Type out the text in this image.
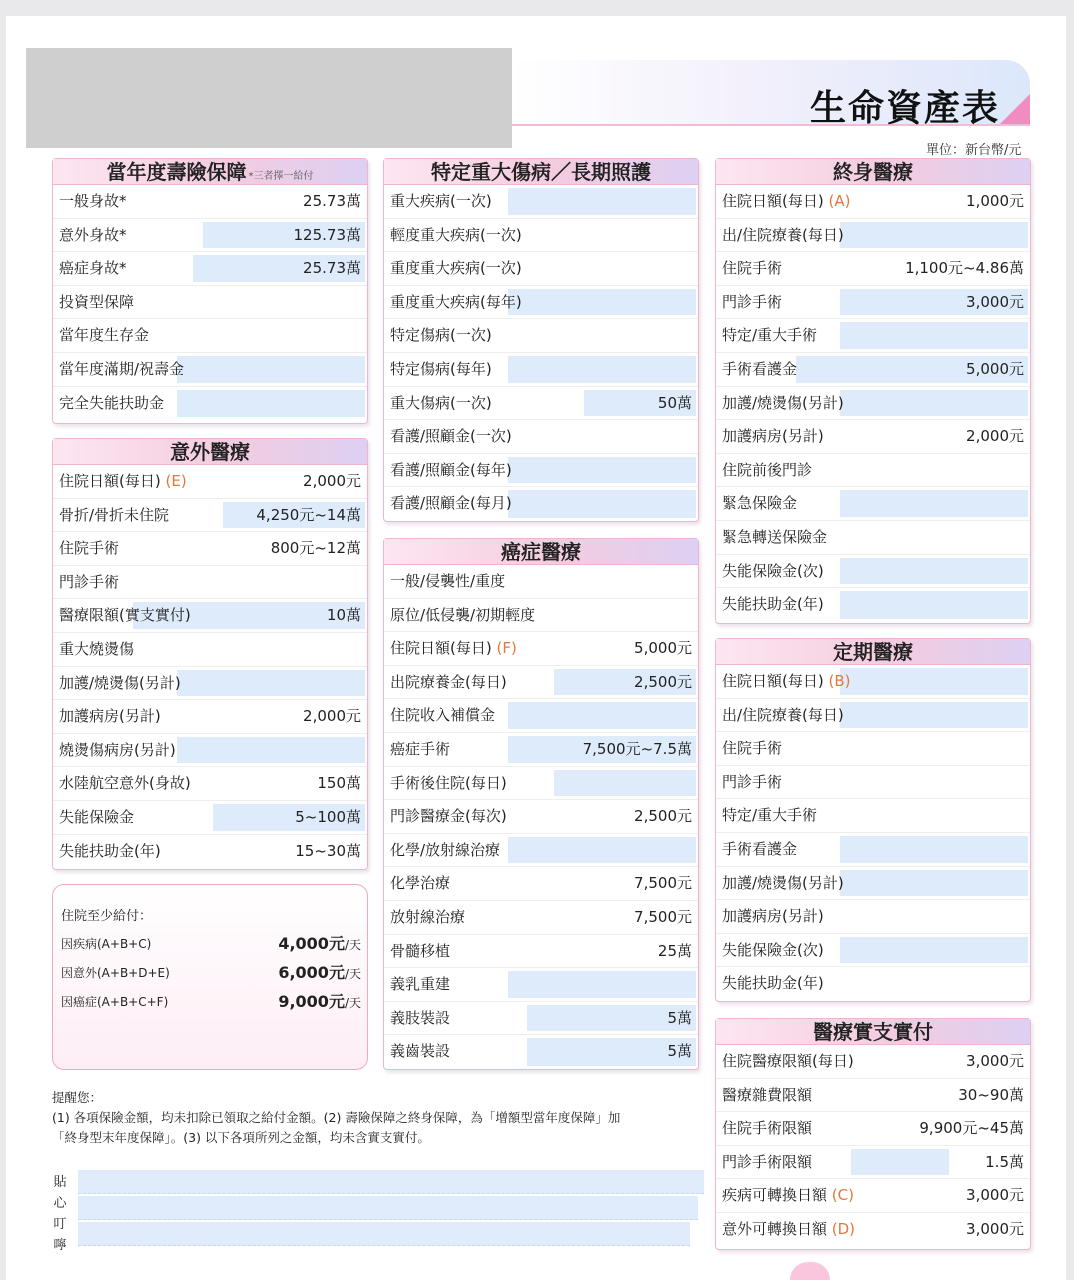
生命資產表
單位：新台幣/元
當年度壽險保障 *三者擇一給付
一般身故*	25.73萬
意外身故*	125.73萬
癌症身故*	25.73萬
投資型保障
當年度生存金
當年度滿期/祝壽金
完全失能扶助金
意外醫療
住院日額(每日) (E)	2,000元
骨折/骨折未住院	4,250元~14萬
住院手術	800元~12萬
門診手術
醫療限額(實支實付)	10萬
重大燒燙傷
加護/燒燙傷(另計)
加護病房(另計)	2,000元
燒燙傷病房(另計)
水陸航空意外(身故)	150萬
失能保險金	5~100萬
失能扶助金(年)	15~30萬
住院至少給付：
因疾病(A+B+C)	4,000元/天
因意外(A+B+D+E)	6,000元/天
因癌症(A+B+C+F)	9,000元/天
特定重大傷病／長期照護
重大疾病(一次)
輕度重大疾病(一次)
重度重大疾病(一次)
重度重大疾病(每年)
特定傷病(一次)
特定傷病(每年)
重大傷病(一次)	50萬
看護/照顧金(一次)
看護/照顧金(每年)
看護/照顧金(每月)
癌症醫療
一般/侵襲性/重度
原位/低侵襲/初期輕度
住院日額(每日) (F)	5,000元
出院療養金(每日)	2,500元
住院收入補償金
癌症手術	7,500元~7.5萬
手術後住院(每日)
門診醫療金(每次)	2,500元
化學/放射線治療
化學治療	7,500元
放射線治療	7,500元
骨髓移植	25萬
義乳重建
義肢裝設	5萬
義齒裝設	5萬
終身醫療
住院日額(每日) (A)	1,000元
出/住院療養(每日)
住院手術	1,100元~4.86萬
門診手術	3,000元
特定/重大手術
手術看護金	5,000元
加護/燒燙傷(另計)
加護病房(另計)	2,000元
住院前後門診
緊急保險金
緊急轉送保險金
失能保險金(次)
失能扶助金(年)
定期醫療
住院日額(每日) (B)
出/住院療養(每日)
住院手術
門診手術
特定/重大手術
手術看護金
加護/燒燙傷(另計)
加護病房(另計)
失能保險金(次)
失能扶助金(年)
醫療實支實付
住院醫療限額(每日)	3,000元
醫療雜費限額	30~90萬
住院手術限額	9,900元~45萬
門診手術限額	1.5萬
疾病可轉換日額 (C)	3,000元
意外可轉換日額 (D)	3,000元
提醒您：
(1) 各項保險金額，均未扣除已領取之給付金額。(2) 壽險保障之終身保障，為「增額型當年度保障」加
「終身型末年度保障」。(3) 以下各項所列之金額，均未含實支實付。
貼心叮嚀
